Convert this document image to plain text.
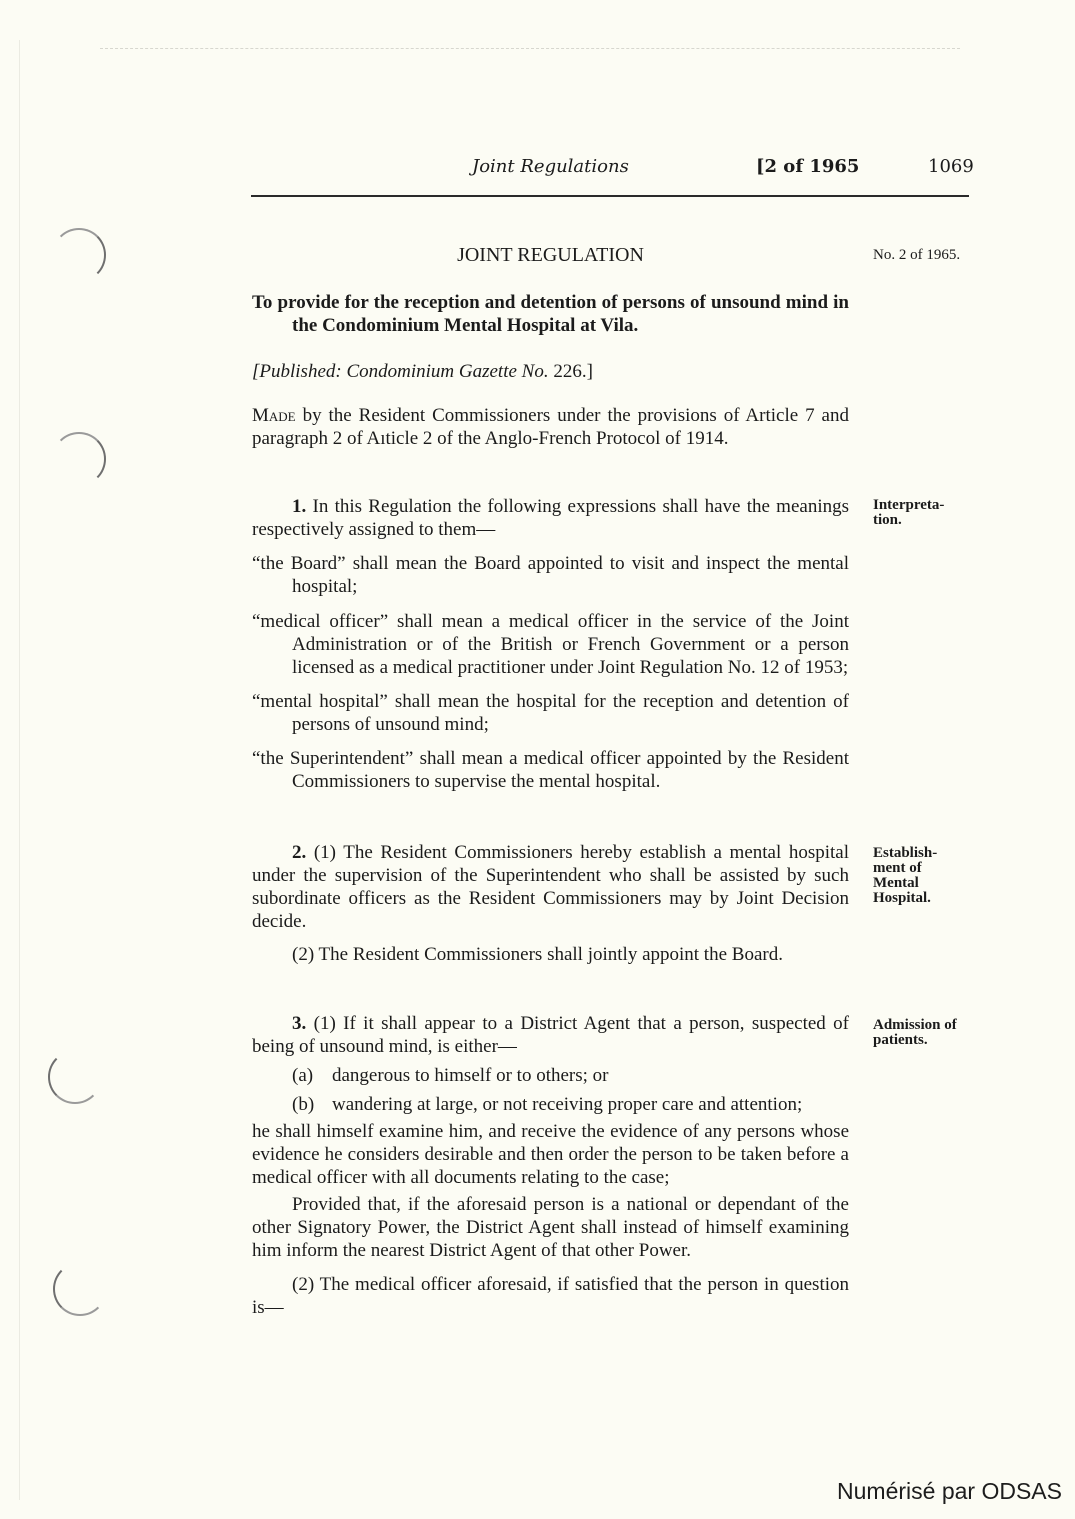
Joint Regulations	[2 of 1965	1069

JOINT REGULATION

To provide for the reception and detention of persons of unsound mind in the Condominium Mental Hospital at Vila.

[Published: Condominium Gazette No. 226.]

Made by the Resident Commissioners under the provisions of Article 7 and paragraph 2 of Aıticle 2 of the Anglo-French Protocol of 1914.

1. In this Regulation the following expressions shall have the meanings respectively assigned to them—

“the Board” shall mean the Board appointed to visit and inspect the mental hospital;

“medical officer” shall mean a medical officer in the service of the Joint Administration or of the British or French Government or a person licensed as a medical practitioner under Joint Regulation No. 12 of 1953;

“mental hospital” shall mean the hospital for the reception and detention of persons of unsound mind;

“the Superintendent” shall mean a medical officer appointed by the Resident Commissioners to supervise the mental hospital.

2. (1) The Resident Commissioners hereby establish a mental hospital under the supervision of the Superintendent who shall be assisted by such subordinate officers as the Resident Commissioners may by Joint Decision decide.

(2) The Resident Commissioners shall jointly appoint the Board.

3. (1) If it shall appear to a District Agent that a person, suspected of being of unsound mind, is either—

(a) dangerous to himself or to others; or
(b) wandering at large, or not receiving proper care and attention;

he shall himself examine him, and receive the evidence of any persons whose evidence he considers desirable and then order the person to be taken before a medical officer with all documents relating to the case;

Provided that, if the aforesaid person is a national or dependant of the other Signatory Power, the District Agent shall instead of himself examining him inform the nearest District Agent of that other Power.

(2) The medical officer aforesaid, if satisfied that the person in question is—

No. 2 of 1965.
Interpreta-tion.
Establish-ment of Mental Hospital.
Admission of patients.
Numérisé par ODSAS
